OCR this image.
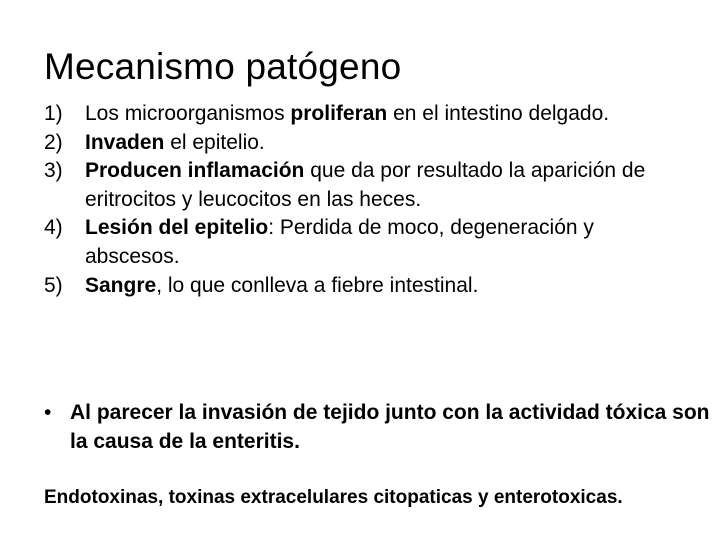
Mecanismo patógeno
1) Los microorganismos proliferan en el intestino delgado.
2) Invaden el epitelio.
3) Producen inflamación que da por resultado la aparición de eritrocitos y leucocitos en las heces.
4) Lesión del epitelio: Perdida de moco, degeneración y abscesos.
5) Sangre, lo que conlleva a fiebre intestinal.
• Al parecer la invasión de tejido junto con la actividad tóxica son la causa de la enteritis.
Endotoxinas, toxinas extracelulares citopaticas y enterotoxicas.
